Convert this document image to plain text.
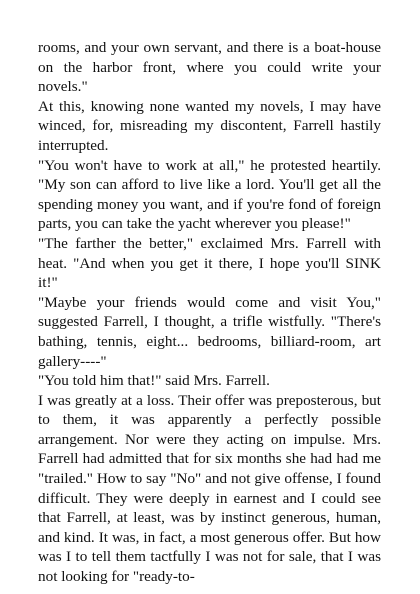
rooms, and your own servant, and there is a boat-house on the harbor front, where you could write your novels."

At this, knowing none wanted my novels, I may have winced, for, misreading my discontent, Farrell hastily interrupted.

"You won't have to work at all," he protested heartily. "My son can afford to live like a lord. You'll get all the spending money you want, and if you're fond of foreign parts, you can take the yacht wherever you please!"

"The farther the better," exclaimed Mrs. Farrell with heat. "And when you get it there, I hope you'll SINK it!"

"Maybe your friends would come and visit You," suggested Farrell, I thought, a trifle wistfully. "There's bathing, tennis, eight... bedrooms, billiard-room, art gallery----"

"You told him that!" said Mrs. Farrell.

I was greatly at a loss. Their offer was preposterous, but to them, it was apparently a perfectly possible arrangement. Nor were they acting on impulse. Mrs. Farrell had admitted that for six months she had had me "trailed." How to say "No" and not give offense, I found difficult. They were deeply in earnest and I could see that Farrell, at least, was by instinct generous, human, and kind. It was, in fact, a most generous offer. But how was I to tell them tactfully I was not for sale, that I was not looking for "ready-to-
